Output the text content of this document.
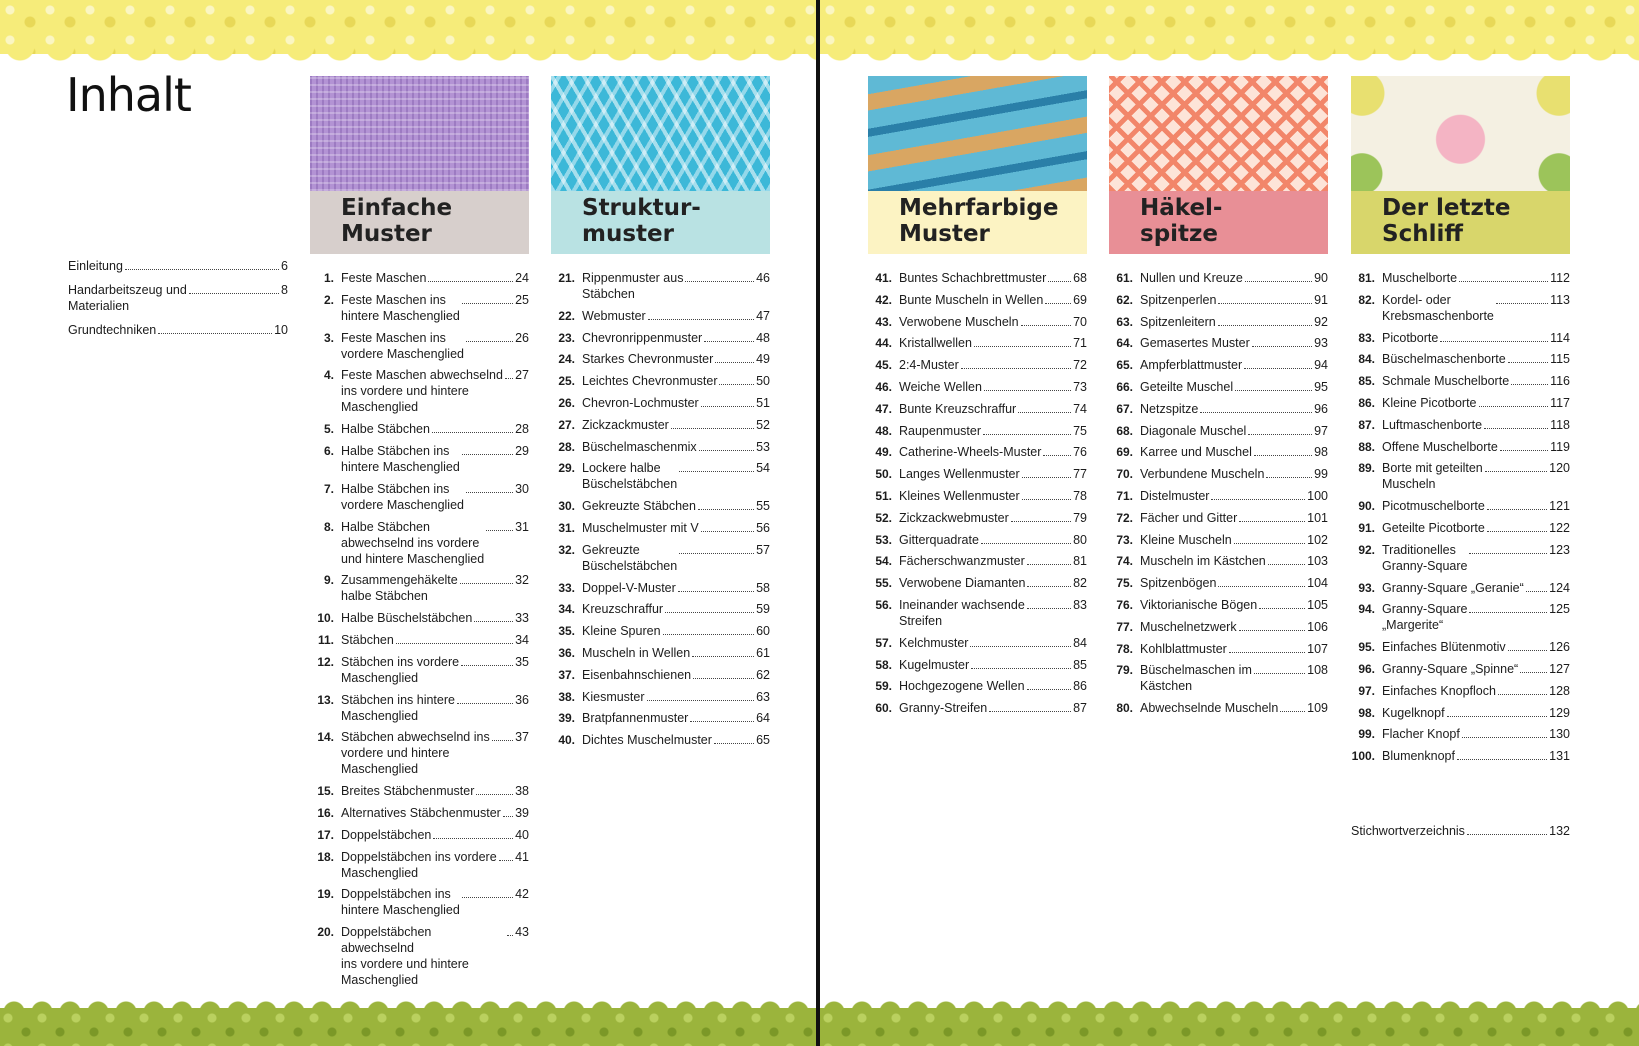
Inhalt
Einleitung	6
Handarbeitszeug und
Materialien
8
Grundtechniken	10
Einfache
Muster
1. Feste Maschen	24
2. Feste Maschen ins
hintere Maschenglied
25
3. Feste Maschen ins
vordere Maschenglied
26
4. Feste Maschen abwechselnd
ins vordere und hintere
Maschenglied
27
5. Halbe Stäbchen	28
6. Halbe Stäbchen ins
hintere Maschenglied
29
7. Halbe Stäbchen ins
vordere Maschenglied
30
8. Halbe Stäbchen
abwechselnd ins vordere
und hintere Maschenglied
31
9. Zusammengehäkelte
halbe Stäbchen
32
10. Halbe Büschelstäbchen	33
11. Stäbchen	34
12. Stäbchen ins vordere
Maschenglied
35
13. Stäbchen ins hintere
Maschenglied
36
14. Stäbchen abwechselnd ins
vordere und hintere
Maschenglied
37
15. Breites Stäbchenmuster	38
16. Alternatives Stäbchenmuster 39
17. Doppelstäbchen	40
18. Doppelstäbchen ins vordere
Maschenglied
41
19. Doppelstäbchen ins
hintere Maschenglied
42
20. Doppelstäbchen abwechselnd
ins vordere und hintere
Maschenglied
43
Struktur-
muster
21. Rippenmuster aus
Stäbchen
46
22. Webmuster	47
23. Chevronrippenmuster	48
24. Starkes Chevronmuster	49
25. Leichtes Chevronmuster	50
26. Chevron-Lochmuster	51
27. Zickzackmuster	52
28. Büschelmaschenmix	53
29. Lockere halbe
Büschelstäbchen
54
30. Gekreuzte Stäbchen	55
31. Muschelmuster mit V	56
32. Gekreuzte
Büschelstäbchen
57
33. Doppel-V-Muster	58
34. Kreuzschraffur	59
35. Kleine Spuren	60
36. Muscheln in Wellen	61
37. Eisenbahnschienen	62
38. Kiesmuster	63
39. Bratpfannenmuster	64
40. Dichtes Muschelmuster	65
Mehrfarbige
Muster
41. Buntes Schachbrettmuster 68
42. Bunte Muscheln in Wellen 69
43. Verwobene Muscheln	70
44. Kristallwellen	71
45. 2:4-Muster	72
46. Weiche Wellen	73
47. Bunte Kreuzschraffur	74
48. Raupenmuster	75
49. Catherine-Wheels-Muster	76
50. Langes Wellenmuster	77
51. Kleines Wellenmuster	78
52. Zickzackwebmuster	79
53. Gitterquadrate	80
54. Fächerschwanzmuster	81
55. Verwobene Diamanten	82
56. Ineinander wachsende
Streifen
83
57. Kelchmuster	84
58. Kugelmuster	85
59. Hochgezogene Wellen	86
60. Granny-Streifen	87
Häkel-
spitze
61. Nullen und Kreuze	90
62. Spitzenperlen	91
63. Spitzenleitern	92
64. Gemasertes Muster	93
65. Ampferblattmuster	94
66. Geteilte Muschel	95
67. Netzspitze	96
68. Diagonale Muschel	97
69. Karree und Muschel	98
70. Verbundene Muscheln	99
71. Distelmuster	100
72. Fächer und Gitter	101
73. Kleine Muscheln	102
74. Muscheln im Kästchen	103
75. Spitzenbögen	104
76. Viktorianische Bögen	105
77. Muschelnetzwerk	106
78. Kohlblattmuster	107
79. Büschelmaschen im
Kästchen
108
80. Abwechselnde Muscheln 109
Der letzte
Schliff
81. Muschelborte	112
82. Kordel- oder
Krebsmaschenborte
113
83. Picotborte	114
84. Büschelmaschenborte	115
85. Schmale Muschelborte	116
86. Kleine Picotborte	117
87. Luftmaschenborte	118
88. Offene Muschelborte	119
89. Borte mit geteilten
Muscheln
120
90. Picotmuschelborte	121
91. Geteilte Picotborte	122
92. Traditionelles
Granny-Square
123
93. Granny-Square „Geranie“ 124
94. Granny-Square
„Margerite“
125
95. Einfaches Blütenmotiv	126
96. Granny-Square „Spinne“ 127
97. Einfaches Knopfloch	128
98. Kugelknopf	129
99. Flacher Knopf	130
100. Blumenknopf	131
Stichwortverzeichnis	132
